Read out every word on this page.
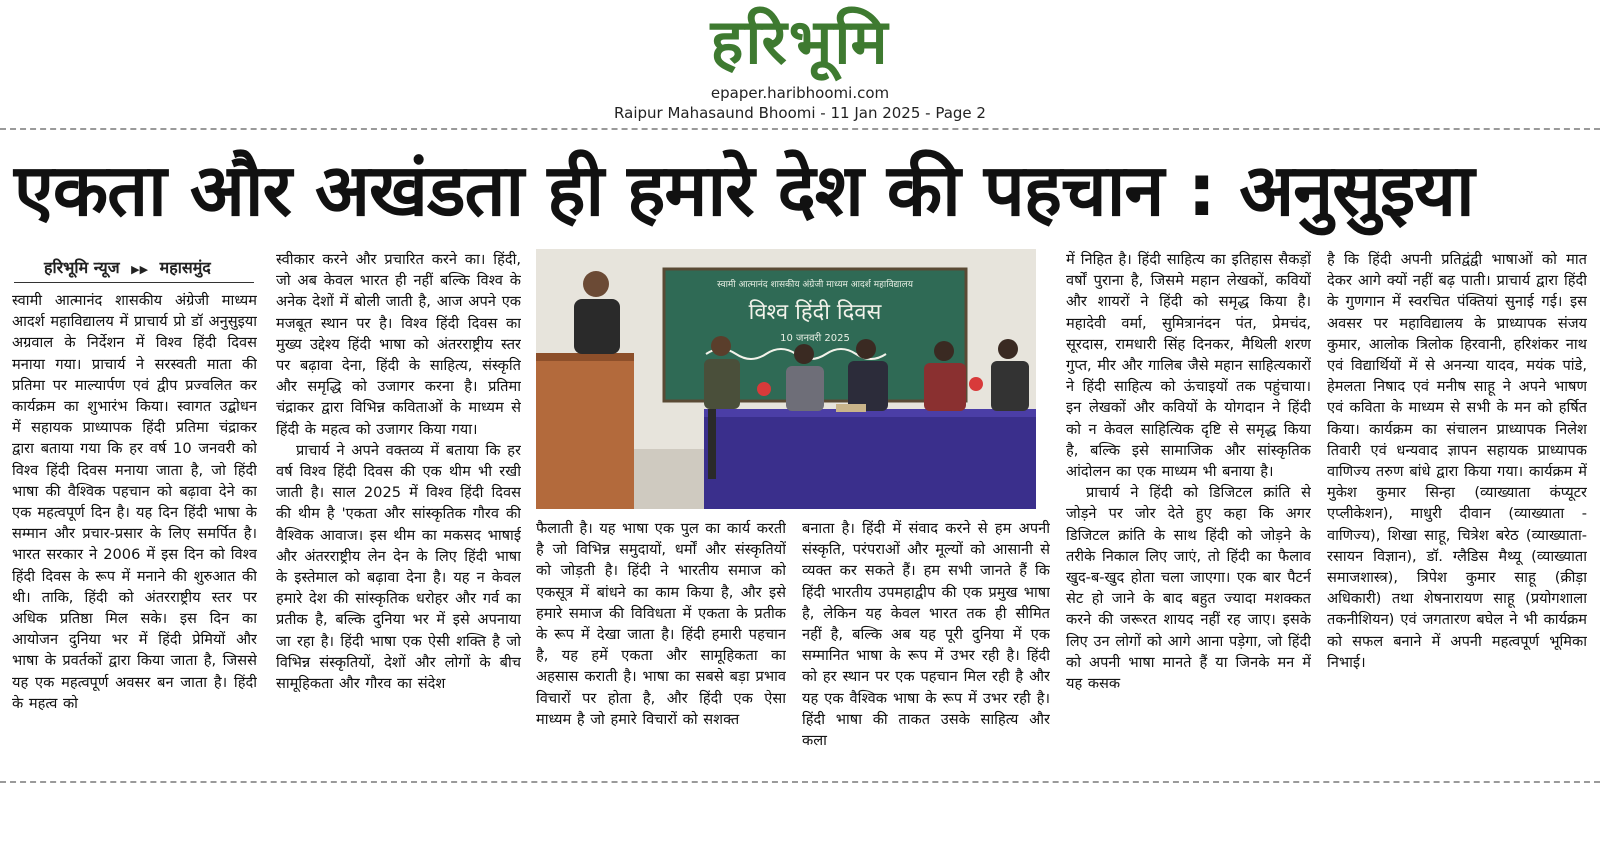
हरिभूमि
epaper.haribhoomi.com
Raipur Mahasaund Bhoomi - 11 Jan 2025 - Page 2
एकता और अखंडता ही हमारे देश की पहचान : अनुसुइया
हरिभूमि न्यूज ▶▶ महासमुंद

स्वामी आत्मानंद शासकीय अंग्रेजी माध्यम आदर्श महाविद्यालय में प्राचार्य प्रो डॉ अनुसुइया अग्रवाल के निर्देशन में विश्व हिंदी दिवस मनाया गया। प्राचार्य ने सरस्वती माता की प्रतिमा पर माल्यार्पण एवं द्वीप प्रज्वलित कर कार्यक्रम का शुभारंभ किया। स्वागत उद्बोधन में सहायक प्राध्यापक हिंदी प्रतिमा चंद्राकर द्वारा बताया गया कि हर वर्ष 10 जनवरी को विश्व हिंदी दिवस मनाया जाता है, जो हिंदी भाषा की वैश्विक पहचान को बढ़ावा देने का एक महत्वपूर्ण दिन है। यह दिन हिंदी भाषा के सम्मान और प्रचार-प्रसार के लिए समर्पित है। भारत सरकार ने 2006 में इस दिन को विश्व हिंदी दिवस के रूप में मनाने की शुरुआत की थी। ताकि, हिंदी को अंतरराष्ट्रीय स्तर पर अधिक प्रतिष्ठा मिल सके। इस दिन का आयोजन दुनिया भर में हिंदी प्रेमियों और भाषा के प्रवर्तकों द्वारा किया जाता है, जिससे यह एक महत्वपूर्ण अवसर बन जाता है। हिंदी के महत्व को

स्वीकार करने और प्रचारित करने का। हिंदी, जो अब केवल भारत ही नहीं बल्कि विश्व के अनेक देशों में बोली जाती है, आज अपने एक मजबूत स्थान पर है। विश्व हिंदी दिवस का मुख्य उद्देश्य हिंदी भाषा को अंतरराष्ट्रीय स्तर पर बढ़ावा देना, हिंदी के साहित्य, संस्कृति और समृद्धि को उजागर करना है। प्रतिमा चंद्राकर द्वारा विभिन्न कविताओं के माध्यम से हिंदी के महत्व को उजागर किया गया।

प्राचार्य ने अपने वक्तव्य में बताया कि हर वर्ष विश्व हिंदी दिवस की एक थीम भी रखी जाती है। साल 2025 में विश्व हिंदी दिवस की थीम है 'एकता और सांस्कृतिक गौरव की वैश्विक आवाज। इस थीम का मकसद भाषाई और अंतरराष्ट्रीय लेन देन के लिए हिंदी भाषा के इस्तेमाल को बढ़ावा देना है। यह न केवल हमारे देश की सांस्कृतिक धरोहर और गर्व का प्रतीक है, बल्कि दुनिया भर में इसे अपनाया जा रहा है। हिंदी भाषा एक ऐसी शक्ति है जो विभिन्न संस्कृतियों, देशों और लोगों के बीच सामूहिकता और गौरव का संदेश

स्वामी आत्मानंद शासकीय अंग्रेजी माध्यम आदर्श महाविद्यालय
विश्व हिंदी दिवस
10 जनवरी 2025

फैलाती है। यह भाषा एक पुल का कार्य करती है जो विभिन्न समुदायों, धर्मों और संस्कृतियों को जोड़ती है। हिंदी ने भारतीय समाज को एकसूत्र में बांधने का काम किया है, और इसे हमारे समाज की विविधता में एकता के प्रतीक के रूप में देखा जाता है। हिंदी हमारी पहचान है, यह हमें एकता और सामूहिकता का अहसास कराती है। भाषा का सबसे बड़ा प्रभाव विचारों पर होता है, और हिंदी एक ऐसा माध्यम है जो हमारे विचारों को सशक्त

बनाता है। हिंदी में संवाद करने से हम अपनी संस्कृति, परंपराओं और मूल्यों को आसानी से व्यक्त कर सकते हैं। हम सभी जानते हैं कि हिंदी भारतीय उपमहाद्वीप की एक प्रमुख भाषा है, लेकिन यह केवल भारत तक ही सीमित नहीं है, बल्कि अब यह पूरी दुनिया में एक सम्मानित भाषा के रूप में उभर रही है। हिंदी को हर स्थान पर एक पहचान मिल रही है और यह एक वैश्विक भाषा के रूप में उभर रही है। हिंदी भाषा की ताकत उसके साहित्य और कला

में निहित है। हिंदी साहित्य का इतिहास सैकड़ों वर्षों पुराना है, जिसमे महान लेखकों, कवियों और शायरों ने हिंदी को समृद्ध किया है। महादेवी वर्मा, सुमित्रानंदन पंत, प्रेमचंद, सूरदास, रामधारी सिंह दिनकर, मैथिली शरण गुप्त, मीर और गालिब जैसे महान साहित्यकारों ने हिंदी साहित्य को ऊंचाइयों तक पहुंचाया। इन लेखकों और कवियों के योगदान ने हिंदी को न केवल साहित्यिक दृष्टि से समृद्ध किया है, बल्कि इसे सामाजिक और सांस्कृतिक आंदोलन का एक माध्यम भी बनाया है।

प्राचार्य ने हिंदी को डिजिटल क्रांति से जोड़ने पर जोर देते हुए कहा कि अगर डिजिटल क्रांति के साथ हिंदी को जोड़ने के तरीके निकाल लिए जाएं, तो हिंदी का फैलाव खुद-ब-खुद होता चला जाएगा। एक बार पैटर्न सेट हो जाने के बाद बहुत ज्यादा मशक्कत करने की जरूरत शायद नहीं रह जाए। इसके लिए उन लोगों को आगे आना पड़ेगा, जो हिंदी को अपनी भाषा मानते हैं या जिनके मन में यह कसक

है कि हिंदी अपनी प्रतिद्वंद्वी भाषाओं को मात देकर आगे क्यों नहीं बढ़ पाती। प्राचार्य द्वारा हिंदी के गुणगान में स्वरचित पंक्तियां सुनाई गई। इस अवसर पर महाविद्यालय के प्राध्यापक संजय कुमार, आलोक त्रिलोक हिरवानी, हरिशंकर नाथ एवं विद्यार्थियों में से अनन्या यादव, मयंक पांडे, हेमलता निषाद एवं मनीष साहू ने अपने भाषण एवं कविता के माध्यम से सभी के मन को हर्षित किया। कार्यक्रम का संचालन प्राध्यापक निलेश तिवारी एवं धन्यवाद ज्ञापन सहायक प्राध्यापक वाणिज्य तरुण बांधे द्वारा किया गया। कार्यक्रम में मुकेश कुमार सिन्हा (व्याख्याता कंप्यूटर एप्लीकेशन), माधुरी दीवान (व्याख्याता - वाणिज्य), शिखा साहू, चित्रेश बरेठ (व्याख्याता- रसायन विज्ञान), डॉ. ग्लैडिस मैथ्यू (व्याख्याता समाजशास्त्र), त्रिपेश कुमार साहू (क्रीड़ा अधिकारी) तथा शेषनारायण साहू (प्रयोगशाला तकनीशियन) एवं जगतारण बघेल ने भी कार्यक्रम को सफल बनाने में अपनी महत्वपूर्ण भूमिका निभाई।
